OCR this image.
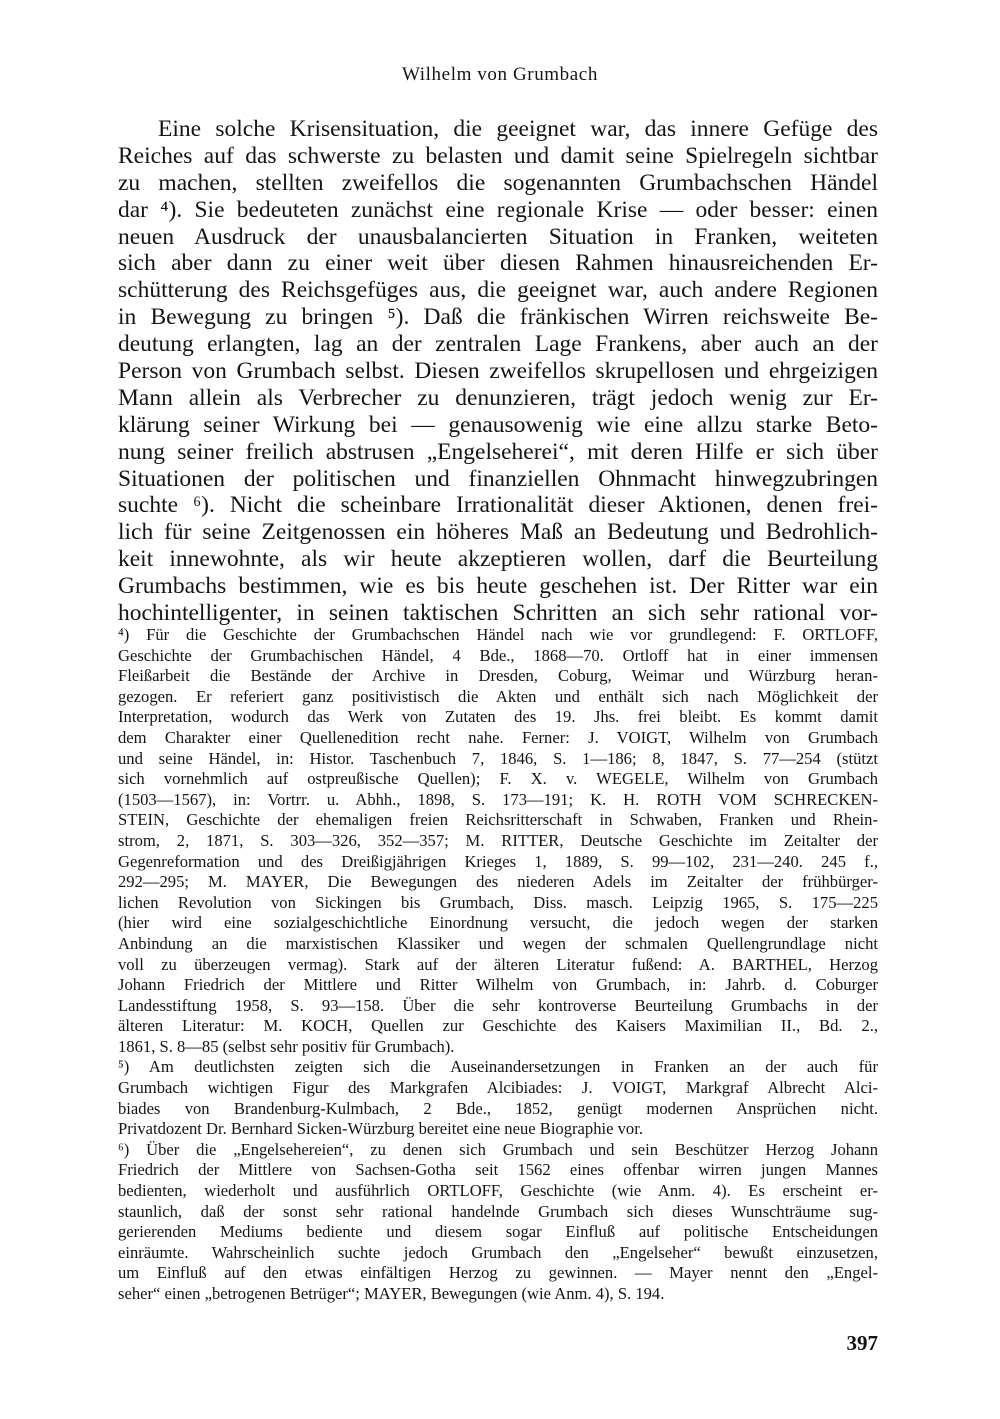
Wilhelm von Grumbach
Eine solche Krisensituation, die geeignet war, das innere Gefüge des
Reiches auf das schwerste zu belasten und damit seine Spielregeln sichtbar
zu machen, stellten zweifellos die sogenannten Grumbachschen Händel
dar ⁴). Sie bedeuteten zunächst eine regionale Krise — oder besser: einen
neuen Ausdruck der unausbalancierten Situation in Franken, weiteten
sich aber dann zu einer weit über diesen Rahmen hinausreichenden Er-
schütterung des Reichsgefüges aus, die geeignet war, auch andere Regionen
in Bewegung zu bringen ⁵). Daß die fränkischen Wirren reichsweite Be-
deutung erlangten, lag an der zentralen Lage Frankens, aber auch an der
Person von Grumbach selbst. Diesen zweifellos skrupellosen und ehrgeizigen
Mann allein als Verbrecher zu denunzieren, trägt jedoch wenig zur Er-
klärung seiner Wirkung bei — genausowenig wie eine allzu starke Beto-
nung seiner freilich abstrusen „Engelseherei“, mit deren Hilfe er sich über
Situationen der politischen und finanziellen Ohnmacht hinwegzubringen
suchte ⁶). Nicht die scheinbare Irrationalität dieser Aktionen, denen frei-
lich für seine Zeitgenossen ein höheres Maß an Bedeutung und Bedrohlich-
keit innewohnte, als wir heute akzeptieren wollen, darf die Beurteilung
Grumbachs bestimmen, wie es bis heute geschehen ist. Der Ritter war ein
hochintelligenter, in seinen taktischen Schritten an sich sehr rational vor-
⁴) Für die Geschichte der Grumbachschen Händel nach wie vor grundlegend: F. ORTLOFF,
Geschichte der Grumbachischen Händel, 4 Bde., 1868—70. Ortloff hat in einer immensen
Fleißarbeit die Bestände der Archive in Dresden, Coburg, Weimar und Würzburg heran-
gezogen. Er referiert ganz positivistisch die Akten und enthält sich nach Möglichkeit der
Interpretation, wodurch das Werk von Zutaten des 19. Jhs. frei bleibt. Es kommt damit
dem Charakter einer Quellenedition recht nahe. Ferner: J. VOIGT, Wilhelm von Grumbach
und seine Händel, in: Histor. Taschenbuch 7, 1846, S. 1—186; 8, 1847, S. 77—254 (stützt
sich vornehmlich auf ostpreußische Quellen); F. X. v. WEGELE, Wilhelm von Grumbach
(1503—1567), in: Vortrr. u. Abhh., 1898, S. 173—191; K. H. ROTH VOM SCHRECKEN-
STEIN, Geschichte der ehemaligen freien Reichsritterschaft in Schwaben, Franken und Rhein-
strom, 2, 1871, S. 303—326, 352—357; M. RITTER, Deutsche Geschichte im Zeitalter der
Gegenreformation und des Dreißigjährigen Krieges 1, 1889, S. 99—102, 231—240. 245 f.,
292—295; M. MAYER, Die Bewegungen des niederen Adels im Zeitalter der frühbürger-
lichen Revolution von Sickingen bis Grumbach, Diss. masch. Leipzig 1965, S. 175—225
(hier wird eine sozialgeschichtliche Einordnung versucht, die jedoch wegen der starken
Anbindung an die marxistischen Klassiker und wegen der schmalen Quellengrundlage nicht
voll zu überzeugen vermag). Stark auf der älteren Literatur fußend: A. BARTHEL, Herzog
Johann Friedrich der Mittlere und Ritter Wilhelm von Grumbach, in: Jahrb. d. Coburger
Landesstiftung 1958, S. 93—158. Über die sehr kontroverse Beurteilung Grumbachs in der
älteren Literatur: M. KOCH, Quellen zur Geschichte des Kaisers Maximilian II., Bd. 2.,
1861, S. 8—85 (selbst sehr positiv für Grumbach).
⁵) Am deutlichsten zeigten sich die Auseinandersetzungen in Franken an der auch für
Grumbach wichtigen Figur des Markgrafen Alcibiades: J. VOIGT, Markgraf Albrecht Alci-
biades von Brandenburg-Kulmbach, 2 Bde., 1852, genügt modernen Ansprüchen nicht.
Privatdozent Dr. Bernhard Sicken-Würzburg bereitet eine neue Biographie vor.
⁶) Über die „Engelsehereien“, zu denen sich Grumbach und sein Beschützer Herzog Johann
Friedrich der Mittlere von Sachsen-Gotha seit 1562 eines offenbar wirren jungen Mannes
bedienten, wiederholt und ausführlich ORTLOFF, Geschichte (wie Anm. 4). Es erscheint er-
staunlich, daß der sonst sehr rational handelnde Grumbach sich dieses Wunschträume sug-
gerierenden Mediums bediente und diesem sogar Einfluß auf politische Entscheidungen
einräumte. Wahrscheinlich suchte jedoch Grumbach den „Engelseher“ bewußt einzusetzen,
um Einfluß auf den etwas einfältigen Herzog zu gewinnen. — Mayer nennt den „Engel-
seher“ einen „betrogenen Betrüger“; MAYER, Bewegungen (wie Anm. 4), S. 194.
397
